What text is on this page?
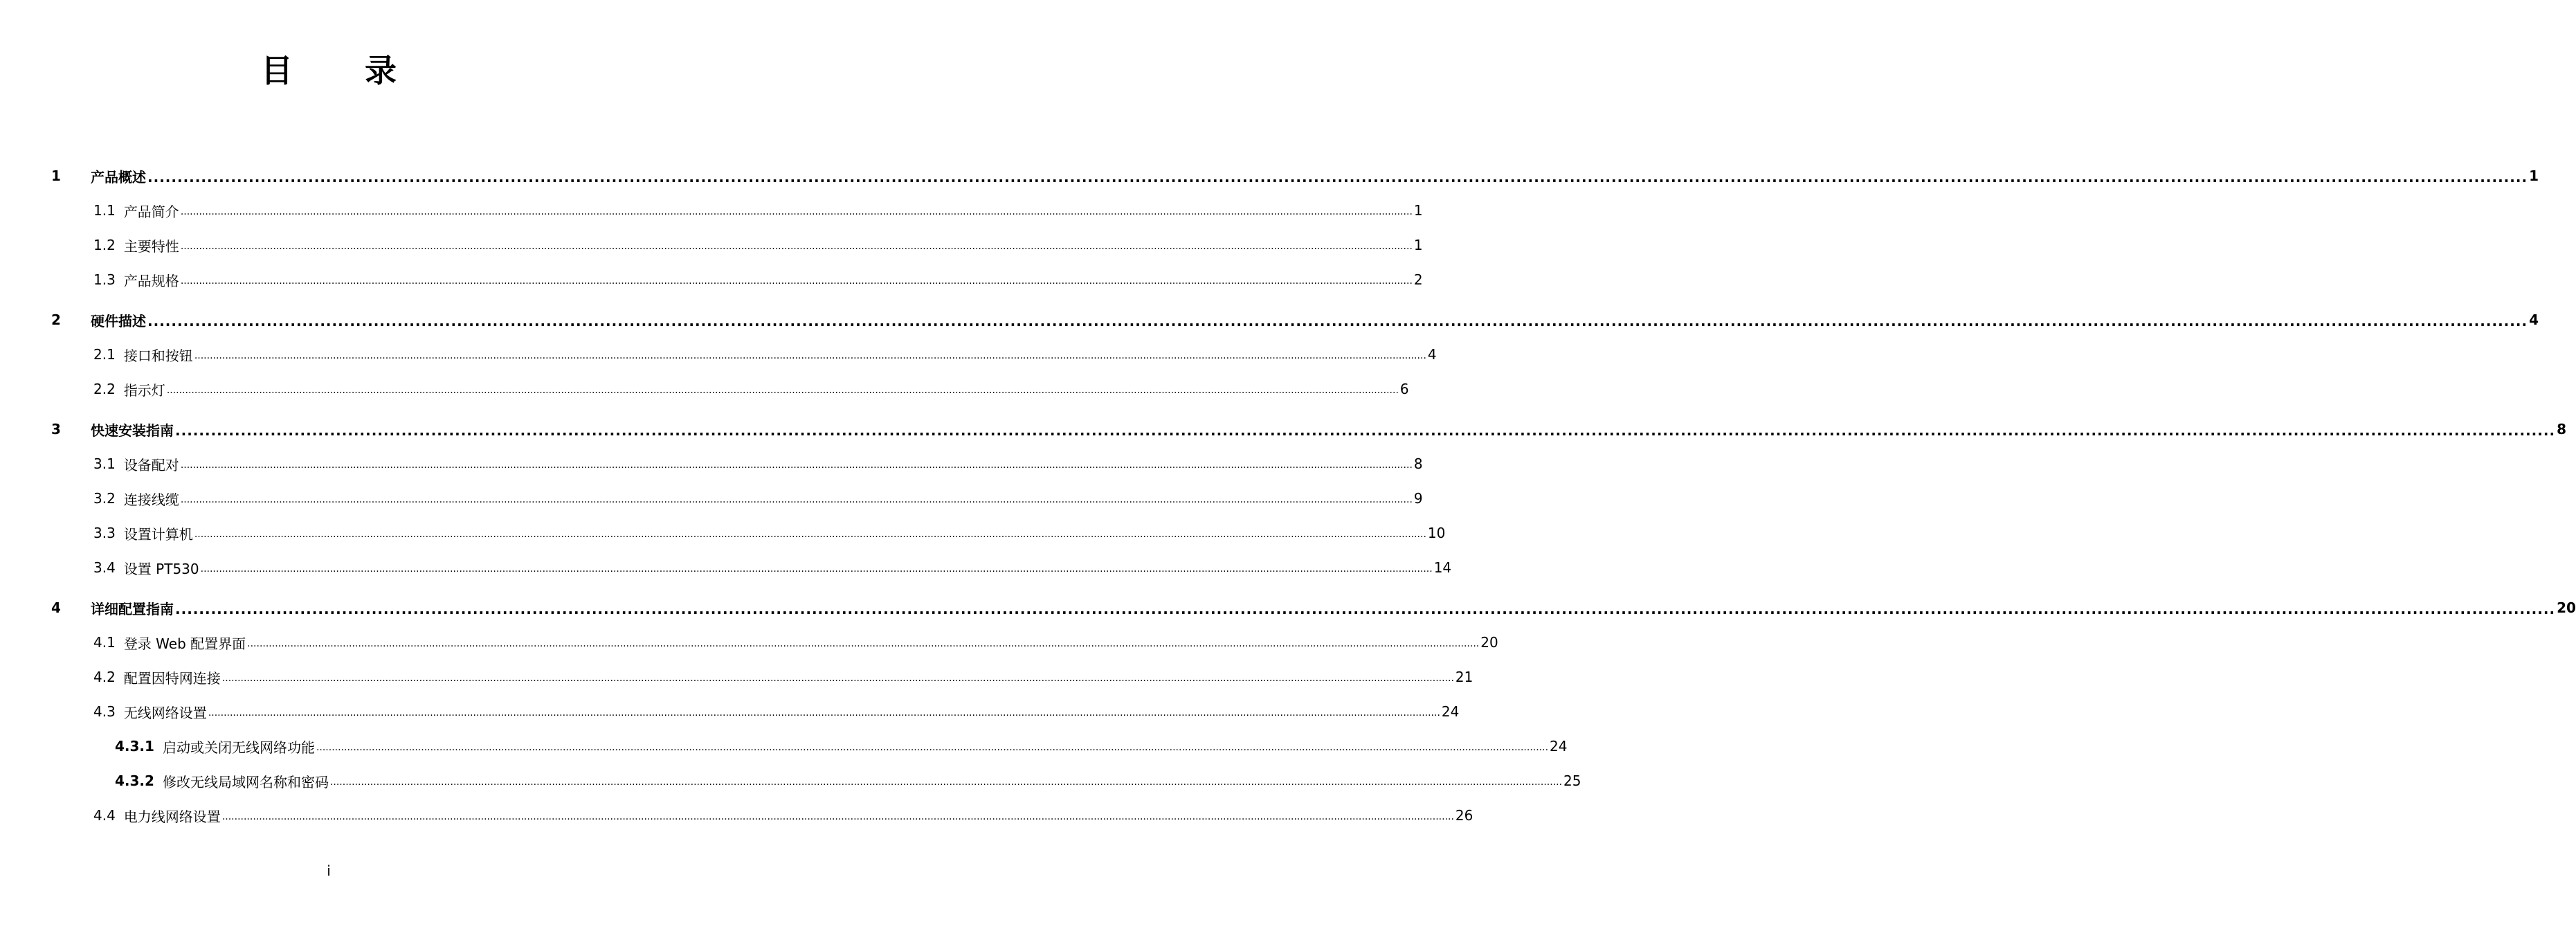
目 录
1	产品概述 ................................................................................................................................................................................................................................................................................................................................................................................................................ 1
1.1 产品简介 ................................................................................................................................................................................................................................................................................................................................................................................................................ 1
1.2 主要特性 ................................................................................................................................................................................................................................................................................................................................................................................................................ 1
1.3 产品规格 ................................................................................................................................................................................................................................................................................................................................................................................................................ 2
2	硬件描述 ................................................................................................................................................................................................................................................................................................................................................................................................................ 4
2.1 接口和按钮 ................................................................................................................................................................................................................................................................................................................................................................................................................ 4
2.2 指示灯 ................................................................................................................................................................................................................................................................................................................................................................................................................ 6
3	快速安装指南 ................................................................................................................................................................................................................................................................................................................................................................................................................ 8
3.1 设备配对 ................................................................................................................................................................................................................................................................................................................................................................................................................ 8
3.2 连接线缆 ................................................................................................................................................................................................................................................................................................................................................................................................................ 9
3.3 设置计算机 ................................................................................................................................................................................................................................................................................................................................................................................................................ 10
3.4 设置 PT530 ................................................................................................................................................................................................................................................................................................................................................................................................................ 14
4	详细配置指南 ................................................................................................................................................................................................................................................................................................................................................................................................................ 20
4.1 登录 Web 配置界面 ................................................................................................................................................................................................................................................................................................................................................................................................................ 20
4.2 配置因特网连接 ................................................................................................................................................................................................................................................................................................................................................................................................................ 21
4.3 无线网络设置 ................................................................................................................................................................................................................................................................................................................................................................................................................ 24
4.3.1 启动或关闭无线网络功能 ................................................................................................................................................................................................................................................................................................................................................................................................................ 24
4.3.2 修改无线局域网名称和密码 ................................................................................................................................................................................................................................................................................................................................................................................................................ 25
4.4 电力线网络设置 ................................................................................................................................................................................................................................................................................................................................................................................................................ 26
i
